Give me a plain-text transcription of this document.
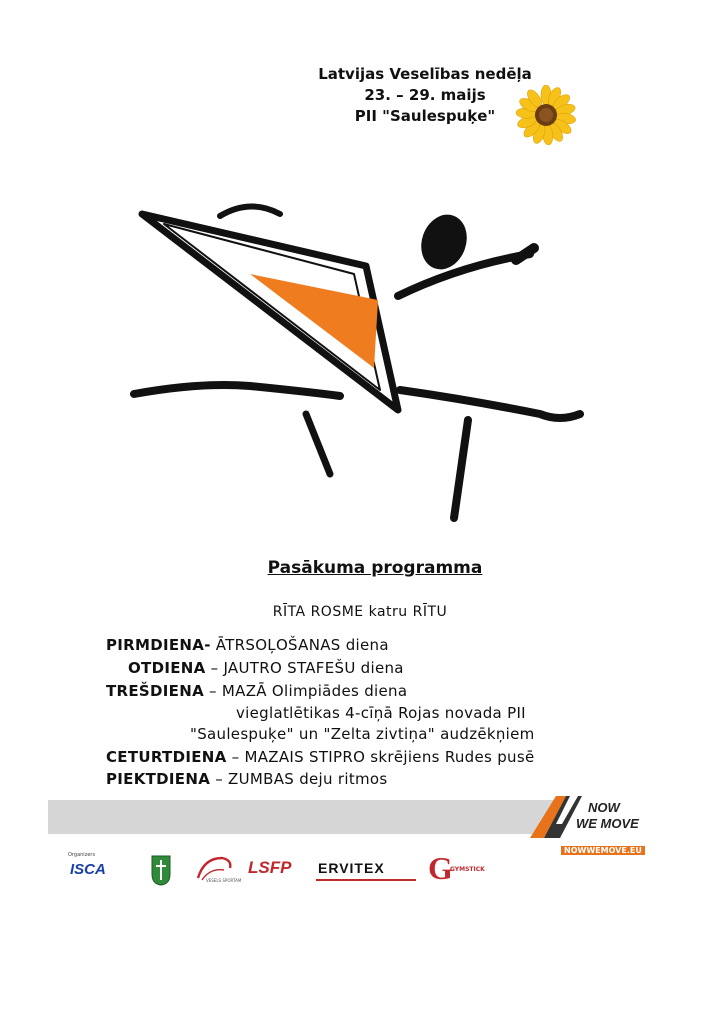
Latvijas Veselības nedēļa
23. – 29. maijs
PII "Saulespuķe"
Pasākuma programma
RĪTA ROSME katru RĪTU
PIRMDIENA- ĀTRSOĻOŠANAS diena
OTDIENA – JAUTRO STAFEŠU diena
TREŠDIENA – MAZĀ Olimpiādes diena
vieglatlētikas 4-cīņā Rojas novada PII
"Saulespuķe" un "Zelta zivtiņa" audzēkņiem
CETURTDIENA – MAZAIS STIPRO skrējiens Rudes pusē
PIEKTDIENA – ZUMBAS deju ritmos
NOW
WE MOVE
NOWWEMOVE.EU
Organizers
ISCA
VESELS SPORTAM
LSFP ERVITEX G
GYMSTICK
